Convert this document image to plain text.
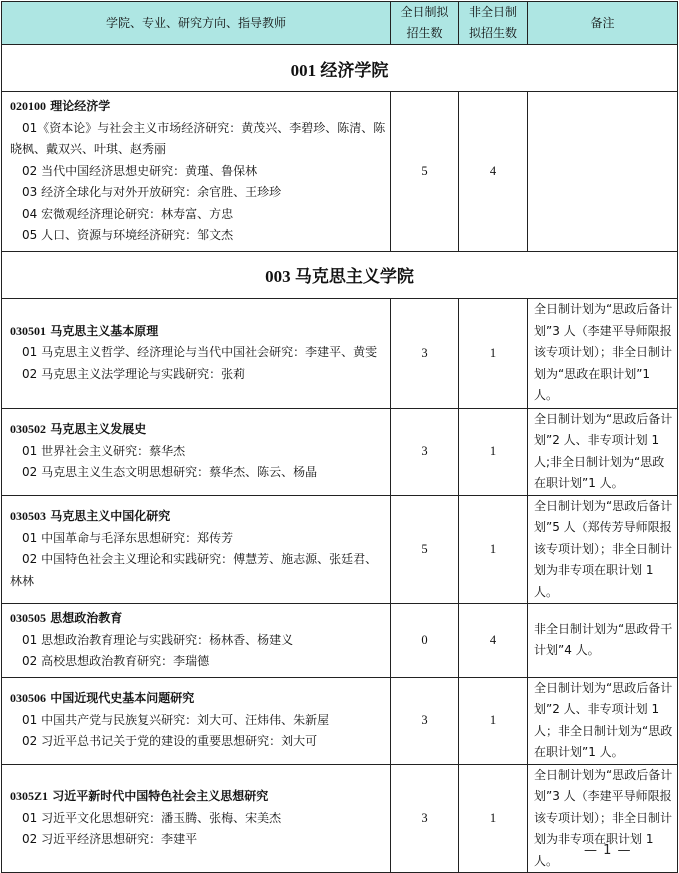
学院、专业、研究方向、指导教师	全日制拟招生数	非全日制拟招生数	备注
001 经济学院			

020100 理论经济学
01《资本论》与社会主义市场经济研究：黄茂兴、李碧珍、陈清、陈晓枫、戴双兴、叶琪、赵秀丽
02 当代中国经济思想史研究：黄瑾、鲁保林
03 经济全球化与对外开放研究：余官胜、王珍珍
04 宏微观经济理论研究：林寿富、方忠
05 人口、资源与环境经济研究：邹文杰
	5	4	
003 马克思主义学院			

030501 马克思主义基本原理
01 马克思主义哲学、经济理论与当代中国社会研究：李建平、黄雯
02 马克思主义法学理论与实践研究：张莉	3	1	全日制计划为“思政后备计划”3 人（李建平导师限报该专项计划）；非全日制计划为“思政在职计划”1 人。

030502 马克思主义发展史
01 世界社会主义研究：蔡华杰
02 马克思主义生态文明思想研究：蔡华杰、陈云、杨晶	3	1	全日制计划为“思政后备计划”2 人、非专项计划 1 人;非全日制计划为“思政在职计划”1 人。

030503 马克思主义中国化研究
01 中国革命与毛泽东思想研究：郑传芳
02 中国特色社会主义理论和实践研究：傅慧芳、施志源、张廷君、林林	5	1	全日制计划为“思政后备计划”5 人（郑传芳导师限报该专项计划）；非全日制计划为非专项在职计划 1 人。

030505 思想政治教育
01 思想政治教育理论与实践研究：杨林香、杨建义
02 高校思想政治教育研究：李瑞德	0	4	非全日制计划为“思政骨干计划”4 人。

030506 中国近现代史基本问题研究
01 中国共产党与民族复兴研究：刘大可、汪炜伟、朱新屋
02 习近平总书记关于党的建设的重要思想研究：刘大可	3	1	全日制计划为“思政后备计划”2 人、非专项计划 1 人；非全日制计划为“思政在职计划”1 人。

0305Z1 习近平新时代中国特色社会主义思想研究
01 习近平文化思想研究：潘玉腾、张梅、宋美杰
02 习近平经济思想研究：李建平	3	1	全日制计划为“思政后备计划”3 人（李建平导师限报该专项计划）；非全日制计划为非专项在职计划 1 人。
— 1 —
